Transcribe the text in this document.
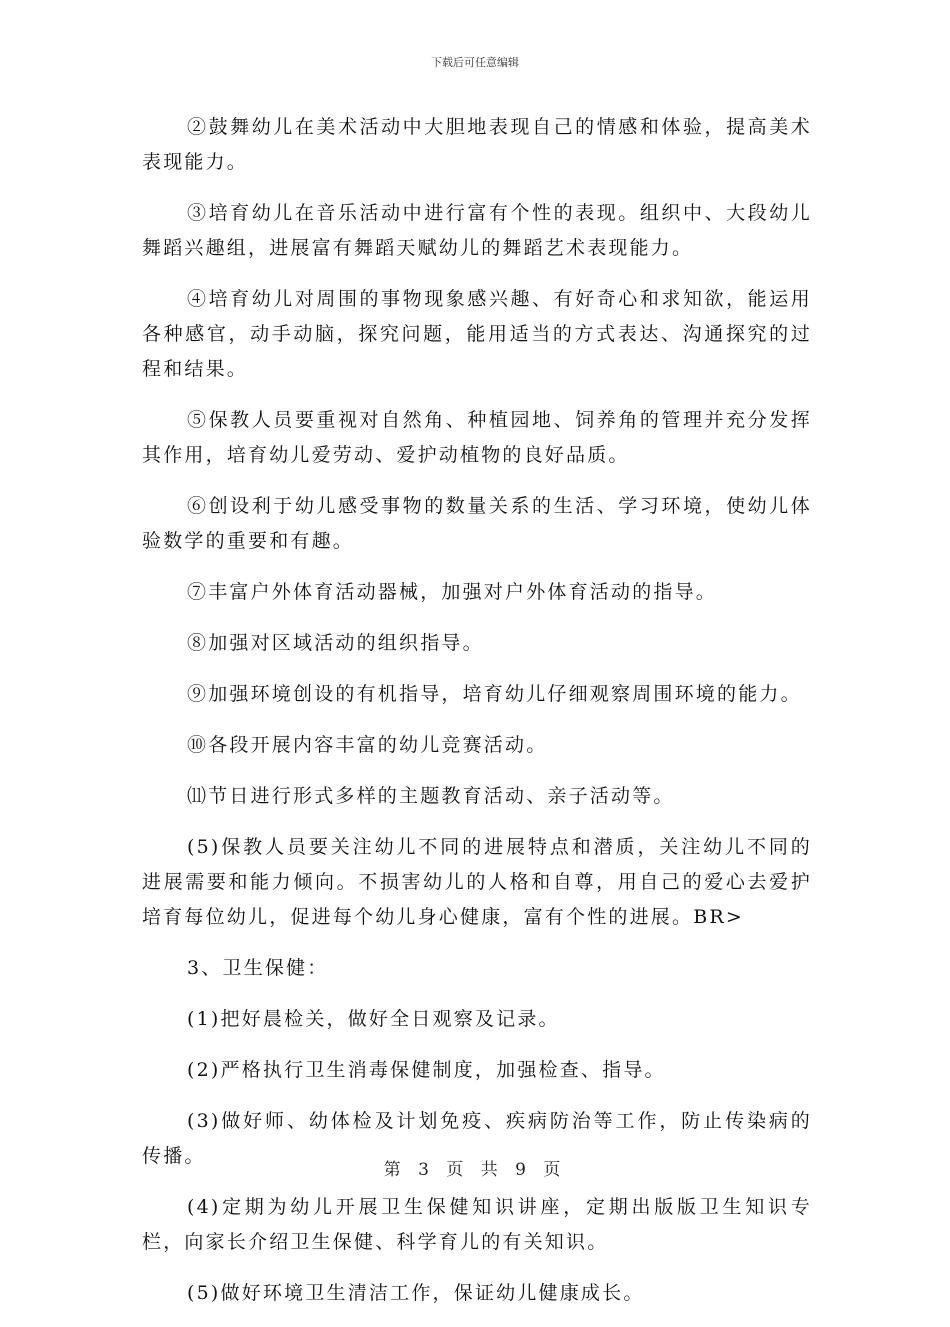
下载后可任意编辑

②鼓舞幼儿在美术活动中大胆地表现自己的情感和体验，提高美术表现能力。

③培育幼儿在音乐活动中进行富有个性的表现。组织中、大段幼儿舞蹈兴趣组，进展富有舞蹈天赋幼儿的舞蹈艺术表现能力。

④培育幼儿对周围的事物现象感兴趣、有好奇心和求知欲，能运用各种感官，动手动脑，探究问题，能用适当的方式表达、沟通探究的过程和结果。

⑤保教人员要重视对自然角、种植园地、饲养角的管理并充分发挥其作用，培育幼儿爱劳动、爱护动植物的良好品质。

⑥创设利于幼儿感受事物的数量关系的生活、学习环境，使幼儿体验数学的重要和有趣。

⑦丰富户外体育活动器械，加强对户外体育活动的指导。

⑧加强对区域活动的组织指导。

⑨加强环境创设的有机指导，培育幼儿仔细观察周围环境的能力。

⑩各段开展内容丰富的幼儿竞赛活动。

⑾节日进行形式多样的主题教育活动、亲子活动等。

(5)保教人员要关注幼儿不同的进展特点和潜质，关注幼儿不同的进展需要和能力倾向。不损害幼儿的人格和自尊，用自己的爱心去爱护培育每位幼儿，促进每个幼儿身心健康，富有个性的进展。BR>

3、卫生保健：

(1)把好晨检关，做好全日观察及记录。

(2)严格执行卫生消毒保健制度，加强检查、指导。

(3)做好师、幼体检及计划免疫、疾病防治等工作，防止传染病的传播。

(4)定期为幼儿开展卫生保健知识讲座，定期出版版卫生知识专栏，向家长介绍卫生保健、科学育儿的有关知识。

(5)做好环境卫生清洁工作，保证幼儿健康成长。

第 3 页 共 9 页
